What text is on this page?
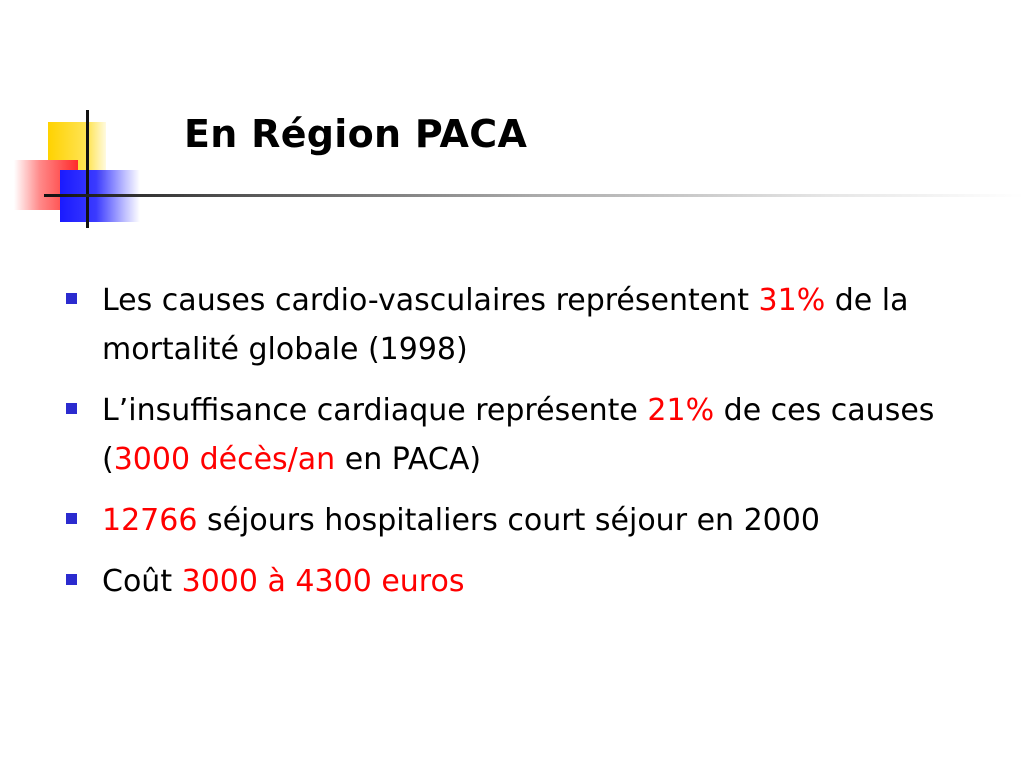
En Région PACA
Les causes cardio-vasculaires représentent 31% de la mortalité globale (1998)
L’insuffisance cardiaque représente 21% de ces causes (3000 décès/an en PACA)
12766 séjours hospitaliers court séjour en 2000
Coût 3000 à 4300 euros
